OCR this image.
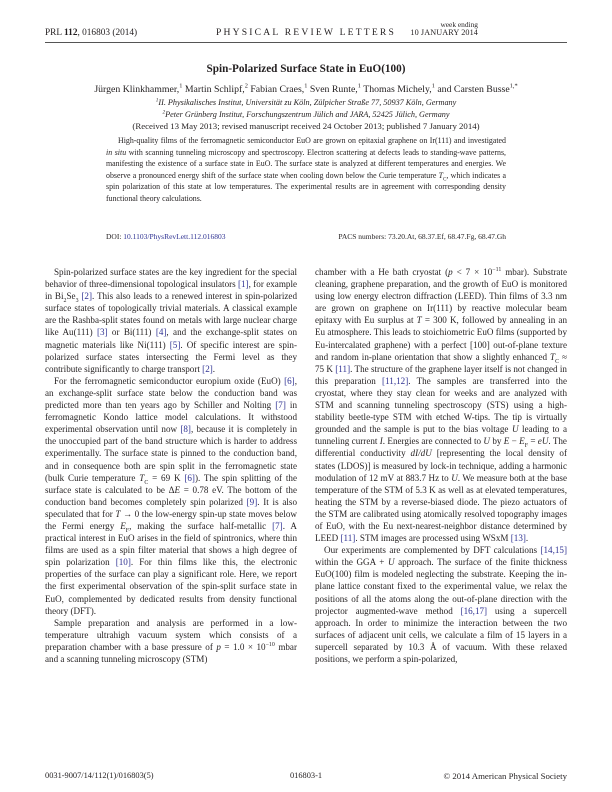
PRL 112, 016803 (2014)	PHYSICAL REVIEW LETTERS
week ending
10 JANUARY 2014
Spin-Polarized Surface State in EuO(100)
Jürgen Klinkhammer,$^1$ Martin Schlipf,$^2$ Fabian Craes,$^1$ Sven Runte,$^1$ Thomas Michely,$^1$ and Carsten Busse$^{1,*}$
$^1$II. Physikalisches Institut, Universität zu Köln, Zülpicher Straße 77, 50937 Köln, Germany
$^2$Peter Grünberg Institut, Forschungszentrum Jülich and JARA, 52425 Jülich, Germany
(Received 13 May 2013; revised manuscript received 24 October 2013; published 7 January 2014)

High-quality films of the ferromagnetic semiconductor EuO are grown on epitaxial graphene on Ir(111) and investigated in situ with scanning tunneling microscopy and spectroscopy. Electron scattering at defects leads to standing-wave patterns, manifesting the existence of a surface state in EuO. The surface state is analyzed at different temperatures and energies. We observe a pronounced energy shift of the surface state when cooling down below the Curie temperature $T_C$, which indicates a spin polarization of this state at low temperatures. The experimental results are in agreement with corresponding density functional theory calculations.

DOI: 10.1103/PhysRevLett.112.016803	PACS numbers: 73.20.At, 68.37.Ef, 68.47.Fg, 68.47.Gh

Spin-polarized surface states are the key ingredient for the special behavior of three-dimensional topological insulators [1], for example in $Bi_2Se_3$ [2]. This also leads to a renewed interest in spin-polarized surface states of topologically trivial materials. A classical example are the Rashba-split states found on metals with large nuclear charge like Au(111) [3] or Bi(111) [4], and the exchange-split states on magnetic materials like Ni(111) [5]. Of specific interest are spin-polarized surface states intersecting the Fermi level as they contribute significantly to charge transport [2].

For the ferromagnetic semiconductor europium oxide (EuO) [6], an exchange-split surface state below the conduction band was predicted more than ten years ago by Schiller and Nolting [7] in ferromagnetic Kondo lattice model calculations. It withstood experimental observation until now [8], because it is completely in the unoccupied part of the band structure which is harder to address experimentally. The surface state is pinned to the conduction band, and in consequence both are spin split in the ferromagnetic state (bulk Curie temperature $T_C = 69$ K [6]). The spin splitting of the surface state is calculated to be ΔE = 0.78 eV. The bottom of the conduction band becomes completely spin polarized [9]. It is also speculated that for T → 0 the low-energy spin-up state moves below the Fermi energy $E_F$, making the surface half-metallic [7]. A practical interest in EuO arises in the field of spintronics, where thin films are used as a spin filter material that shows a high degree of spin polarization [10]. For thin films like this, the electronic properties of the surface can play a significant role. Here, we report the first experimental observation of the spin-split surface state in EuO, complemented by dedicated results from density functional theory (DFT).

Sample preparation and analysis are performed in a low-temperature ultrahigh vacuum system which consists of a preparation chamber with a base pressure of $p = 1.0 \times 10^{-10}$ mbar and a scanning tunneling microscopy (STM)

chamber with a He bath cryostat ($p < 7 \times 10^{-11}$ mbar). Substrate cleaning, graphene preparation, and the growth of EuO is monitored using low energy electron diffraction (LEED). Thin films of 3.3 nm are grown on graphene on Ir(111) by reactive molecular beam epitaxy with Eu surplus at T = 300 K, followed by annealing in an Eu atmosphere. This leads to stoichiometric EuO films (supported by Eu-intercalated graphene) with a perfect [100] out-of-plane texture and random in-plane orientation that show a slightly enhanced $T_C \approx 75$ K [11]. The structure of the graphene layer itself is not changed in this preparation [11,12]. The samples are transferred into the cryostat, where they stay clean for weeks and are analyzed with STM and scanning tunneling spectroscopy (STS) using a high-stability beetle-type STM with etched W-tips. The tip is virtually grounded and the sample is put to the bias voltage U leading to a tunneling current I. Energies are connected to U by $E - E_F$ = eU. The differential conductivity dI/dU [representing the local density of states (LDOS)] is measured by lock-in technique, adding a harmonic modulation of 12 mV at 883.7 Hz to U. We measure both at the base temperature of the STM of 5.3 K as well as at elevated temperatures, heating the STM by a reverse-biased diode. The piezo actuators of the STM are calibrated using atomically resolved topography images of EuO, with the Eu next-nearest-neighbor distance determined by LEED [11]. STM images are processed using WSxM [13].

Our experiments are complemented by DFT calculations [14,15] within the GGA + U approach. The surface of the finite thickness EuO(100) film is modeled neglecting the substrate. Keeping the in-plane lattice constant fixed to the experimental value, we relax the positions of all the atoms along the out-of-plane direction with the projector augmented-wave method [16,17] using a supercell approach. In order to minimize the interaction between the two surfaces of adjacent unit cells, we calculate a film of 15 layers in a supercell separated by 10.3 Å of vacuum. With these relaxed positions, we perform a spin-polarized,

0031-9007/14/112(1)/016803(5)	016803-1	© 2014 American Physical Society
